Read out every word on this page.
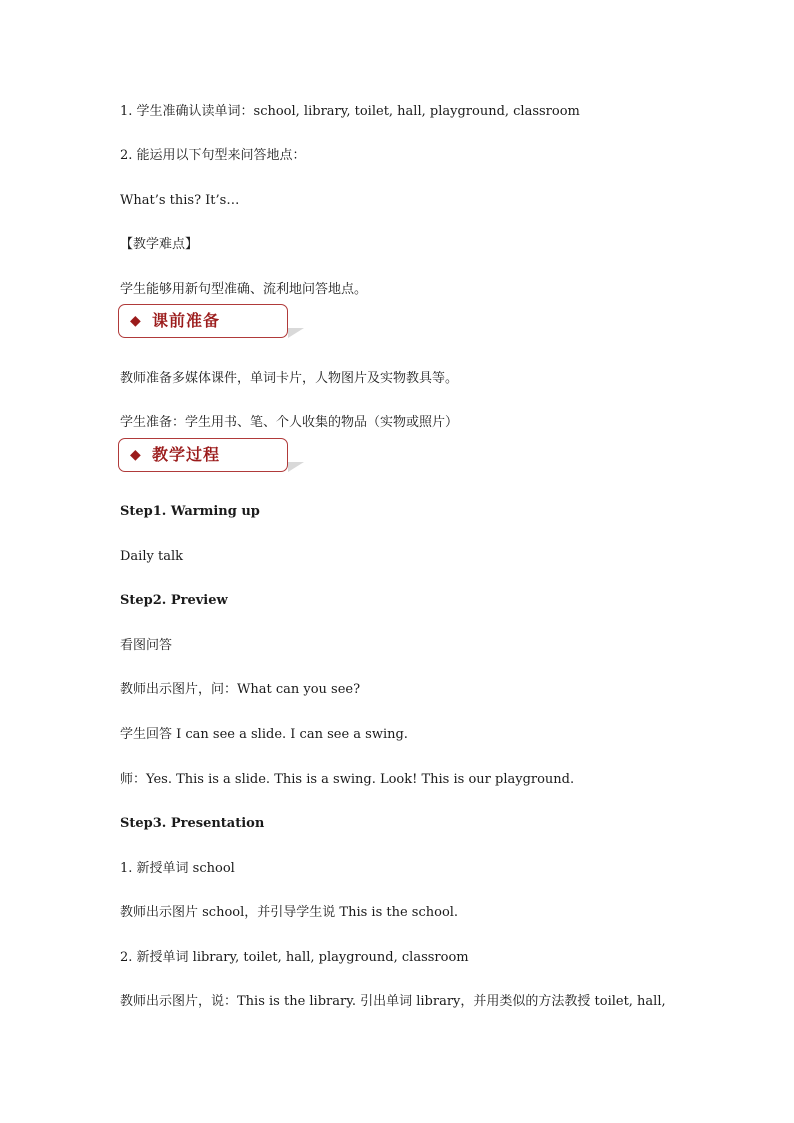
1. 学生准确认读单词：school, library, toilet, hall, playground, classroom
2. 能运用以下句型来问答地点：
What’s this? It’s…
【教学难点】
学生能够用新句型准确、流利地问答地点。
◆ 课前准备
教师准备多媒体课件，单词卡片，人物图片及实物教具等。
学生准备：学生用书、笔、个人收集的物品（实物或照片）
◆ 教学过程
Step1. Warming up
Daily talk
Step2. Preview
看图问答
教师出示图片，问：What can you see?
学生回答 I can see a slide. I can see a swing.
师：Yes. This is a slide. This is a swing. Look! This is our playground.
Step3. Presentation
1. 新授单词 school
教师出示图片 school，并引导学生说 This is the school.
2. 新授单词 library, toilet, hall, playground, classroom
教师出示图片，说：This is the library. 引出单词 library，并用类似的方法教授 toilet, hall,
